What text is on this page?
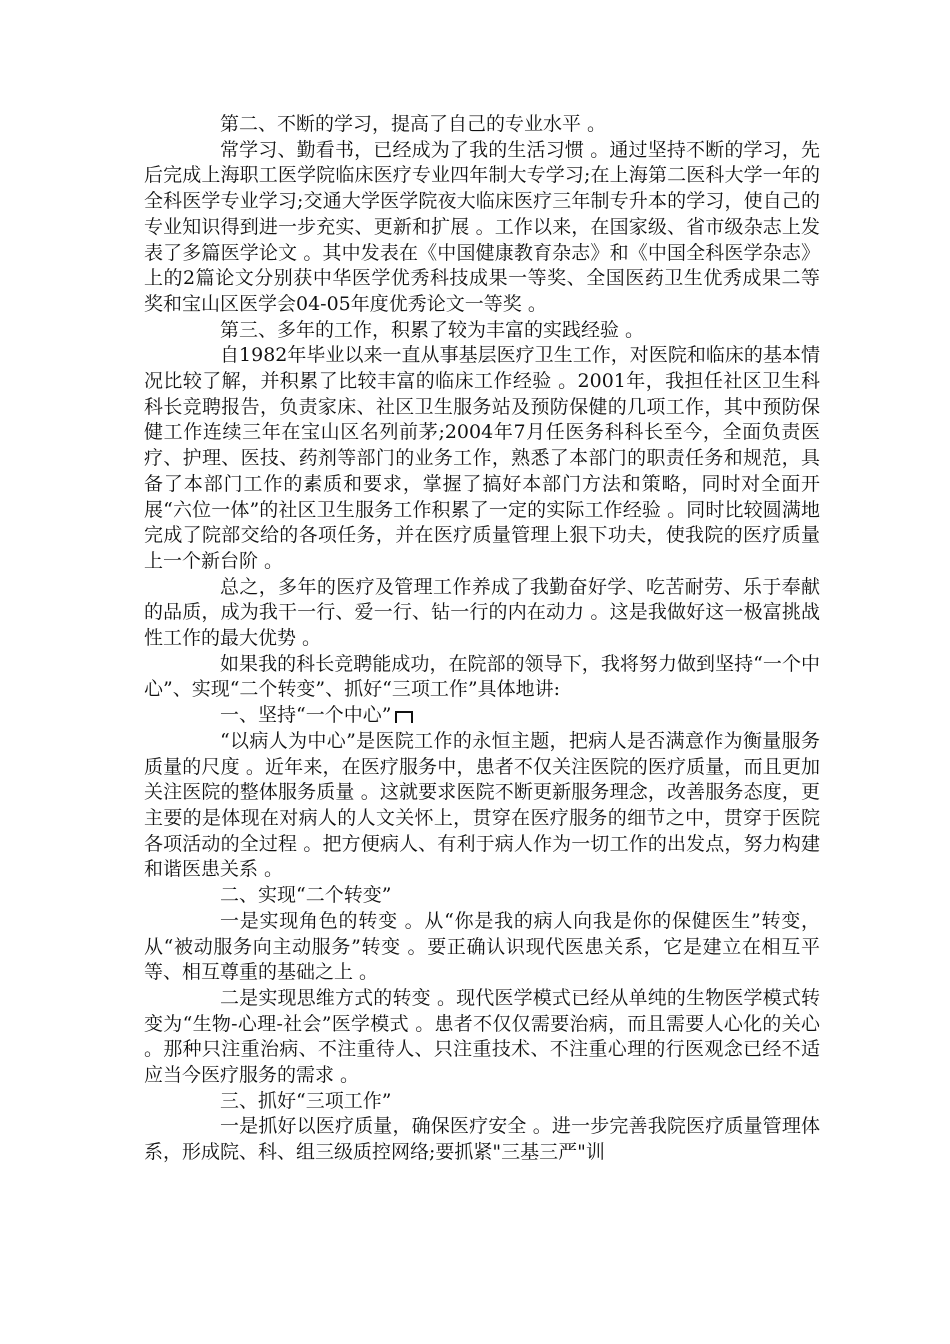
第二、不断的学习，提高了自己的专业水平 。

常学习、勤看书，已经成为了我的生活习惯 。通过坚持不断的学习，先后完成上海职工医学院临床医疗专业四年制大专学习;在上海第二医科大学一年的全科医学专业学习;交通大学医学院夜大临床医疗三年制专升本的学习，使自己的专业知识得到进一步充实、更新和扩展 。工作以来，在国家级、省市级杂志上发表了多篇医学论文 。其中发表在《中国健康教育杂志》和《中国全科医学杂志》上的2篇论文分别获中华医学优秀科技成果一等奖、全国医药卫生优秀成果二等奖和宝山区医学会04-05年度优秀论文一等奖 。

第三、多年的工作，积累了较为丰富的实践经验 。

自1982年毕业以来一直从事基层医疗卫生工作，对医院和临床的基本情况比较了解，并积累了比较丰富的临床工作经验 。2001年，我担任社区卫生科科长竞聘报告，负责家床、社区卫生服务站及预防保健的几项工作，其中预防保健工作连续三年在宝山区名列前茅;2004年7月任医务科科长至今，全面负责医疗、护理、医技、药剂等部门的业务工作，熟悉了本部门的职责任务和规范，具备了本部门工作的素质和要求，掌握了搞好本部门方法和策略，同时对全面开展“六位一体”的社区卫生服务工作积累了一定的实际工作经验 。同时比较圆满地完成了院部交给的各项任务，并在医疗质量管理上狠下功夫，使我院的医疗质量上一个新台阶 。

总之，多年的医疗及管理工作养成了我勤奋好学、吃苦耐劳、乐于奉献的品质，成为我干一行、爱一行、钻一行的内在动力 。这是我做好这一极富挑战性工作的最大优势 。

如果我的科长竞聘能成功，在院部的领导下，我将努力做到坚持“一个中心”、实现“二个转变”、抓好“三项工作”具体地讲:

一、坚持“一个中心”

“以病人为中心”是医院工作的永恒主题，把病人是否满意作为衡量服务质量的尺度 。近年来，在医疗服务中，患者不仅关注医院的医疗质量，而且更加关注医院的整体服务质量 。这就要求医院不断更新服务理念，改善服务态度，更主要的是体现在对病人的人文关怀上，贯穿在医疗服务的细节之中，贯穿于医院各项活动的全过程 。把方便病人、有利于病人作为一切工作的出发点，努力构建和谐医患关系 。

二、实现“二个转变”

一是实现角色的转变 。从“你是我的病人向我是你的保健医生”转变，从“被动服务向主动服务”转变 。要正确认识现代医患关系，它是建立在相互平等、相互尊重的基础之上 。

二是实现思维方式的转变 。现代医学模式已经从单纯的生物医学模式转变为“生物-心理-社会”医学模式 。患者不仅仅需要治病，而且需要人心化的关心 。那种只注重治病、不注重待人、只注重技术、不注重心理的行医观念已经不适应当今医疗服务的需求 。

三、抓好“三项工作”

一是抓好以医疗质量，确保医疗安全 。进一步完善我院医疗质量管理体系，形成院、科、组三级质控网络;要抓紧"三基三严"训
